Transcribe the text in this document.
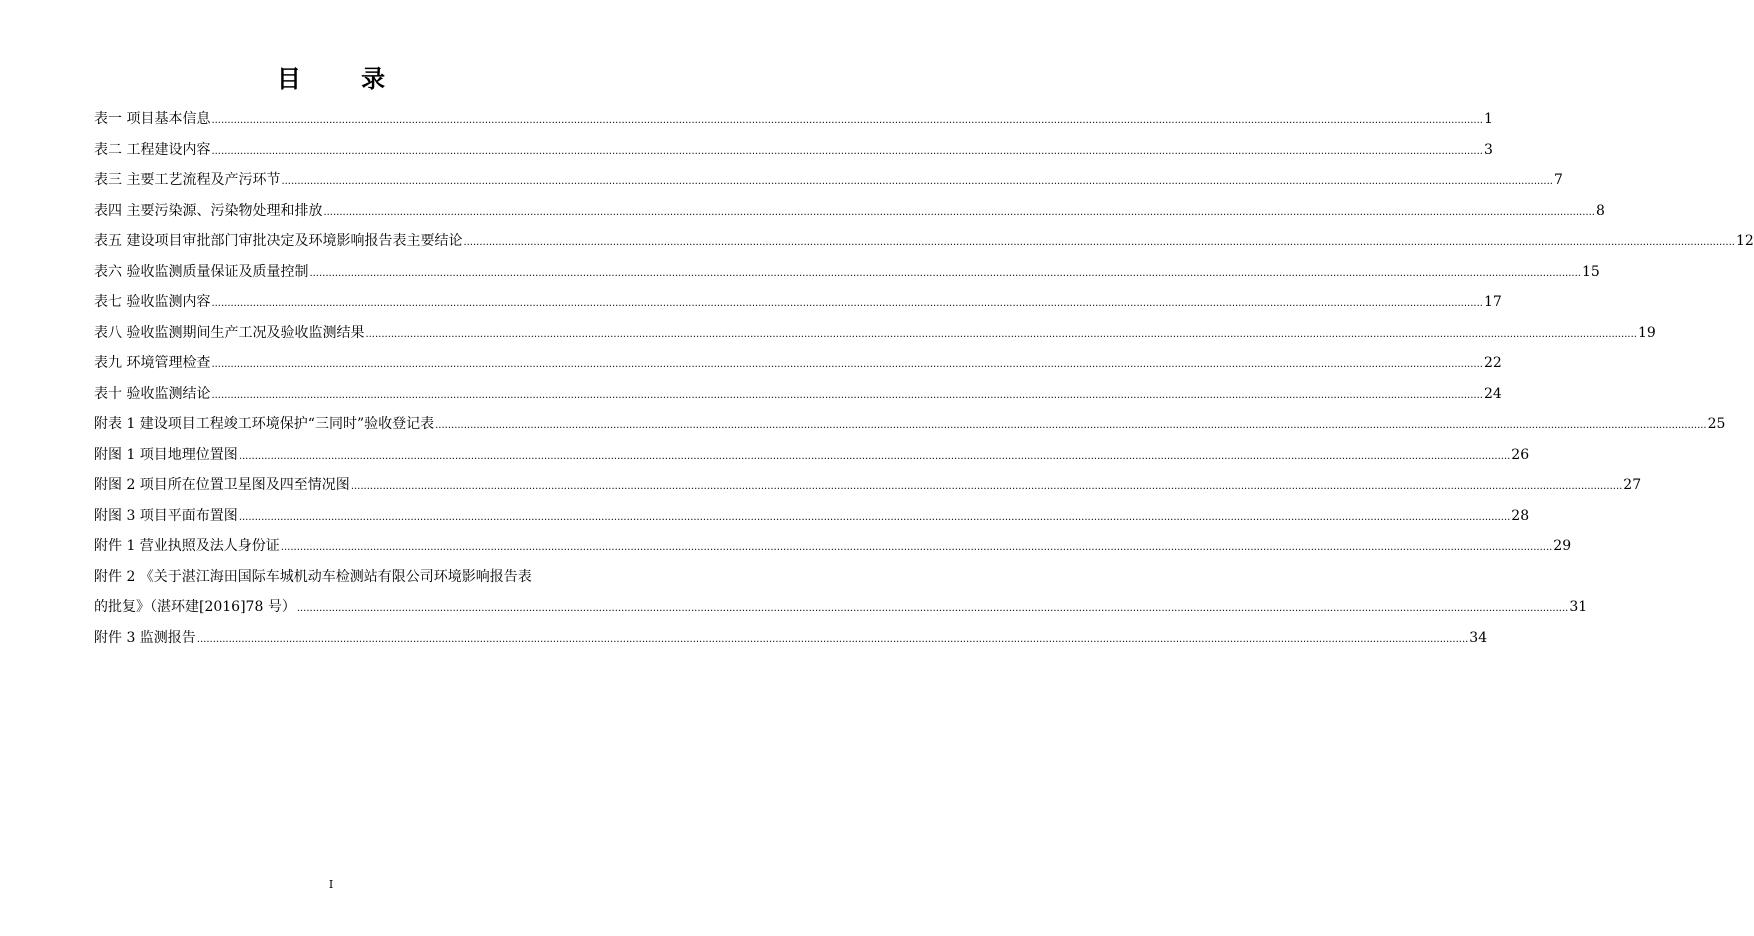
目 录
表一 项目基本信息 ................................................................................................................................................................................................................................................................................................................................................................................................................ 1
表二 工程建设内容 ................................................................................................................................................................................................................................................................................................................................................................................................................ 3
表三 主要工艺流程及产污环节 ................................................................................................................................................................................................................................................................................................................................................................................................................ 7
表四 主要污染源、污染物处理和排放 ................................................................................................................................................................................................................................................................................................................................................................................................................ 8
表五 建设项目审批部门审批决定及环境影响报告表主要结论 ................................................................................................................................................................................................................................................................................................................................................................................................................ 12
表六 验收监测质量保证及质量控制 ................................................................................................................................................................................................................................................................................................................................................................................................................ 15
表七 验收监测内容 ................................................................................................................................................................................................................................................................................................................................................................................................................ 17
表八 验收监测期间生产工况及验收监测结果 ................................................................................................................................................................................................................................................................................................................................................................................................................ 19
表九 环境管理检查 ................................................................................................................................................................................................................................................................................................................................................................................................................ 22
表十 验收监测结论 ................................................................................................................................................................................................................................................................................................................................................................................................................ 24
附表 1 建设项目工程竣工环境保护“三同时”验收登记表 ................................................................................................................................................................................................................................................................................................................................................................................................................ 25
附图 1 项目地理位置图 ................................................................................................................................................................................................................................................................................................................................................................................................................ 26
附图 2 项目所在位置卫星图及四至情况图 ................................................................................................................................................................................................................................................................................................................................................................................................................ 27
附图 3 项目平面布置图 ................................................................................................................................................................................................................................................................................................................................................................................................................ 28
附件 1 营业执照及法人身份证 ................................................................................................................................................................................................................................................................................................................................................................................................................ 29
附件 2 《关于湛江海田国际车城机动车检测站有限公司环境影响报告表
的批复》（湛环建[2016]78 号） ................................................................................................................................................................................................................................................................................................................................................................................................................ 31
附件 3 监测报告 ................................................................................................................................................................................................................................................................................................................................................................................................................ 34
I
